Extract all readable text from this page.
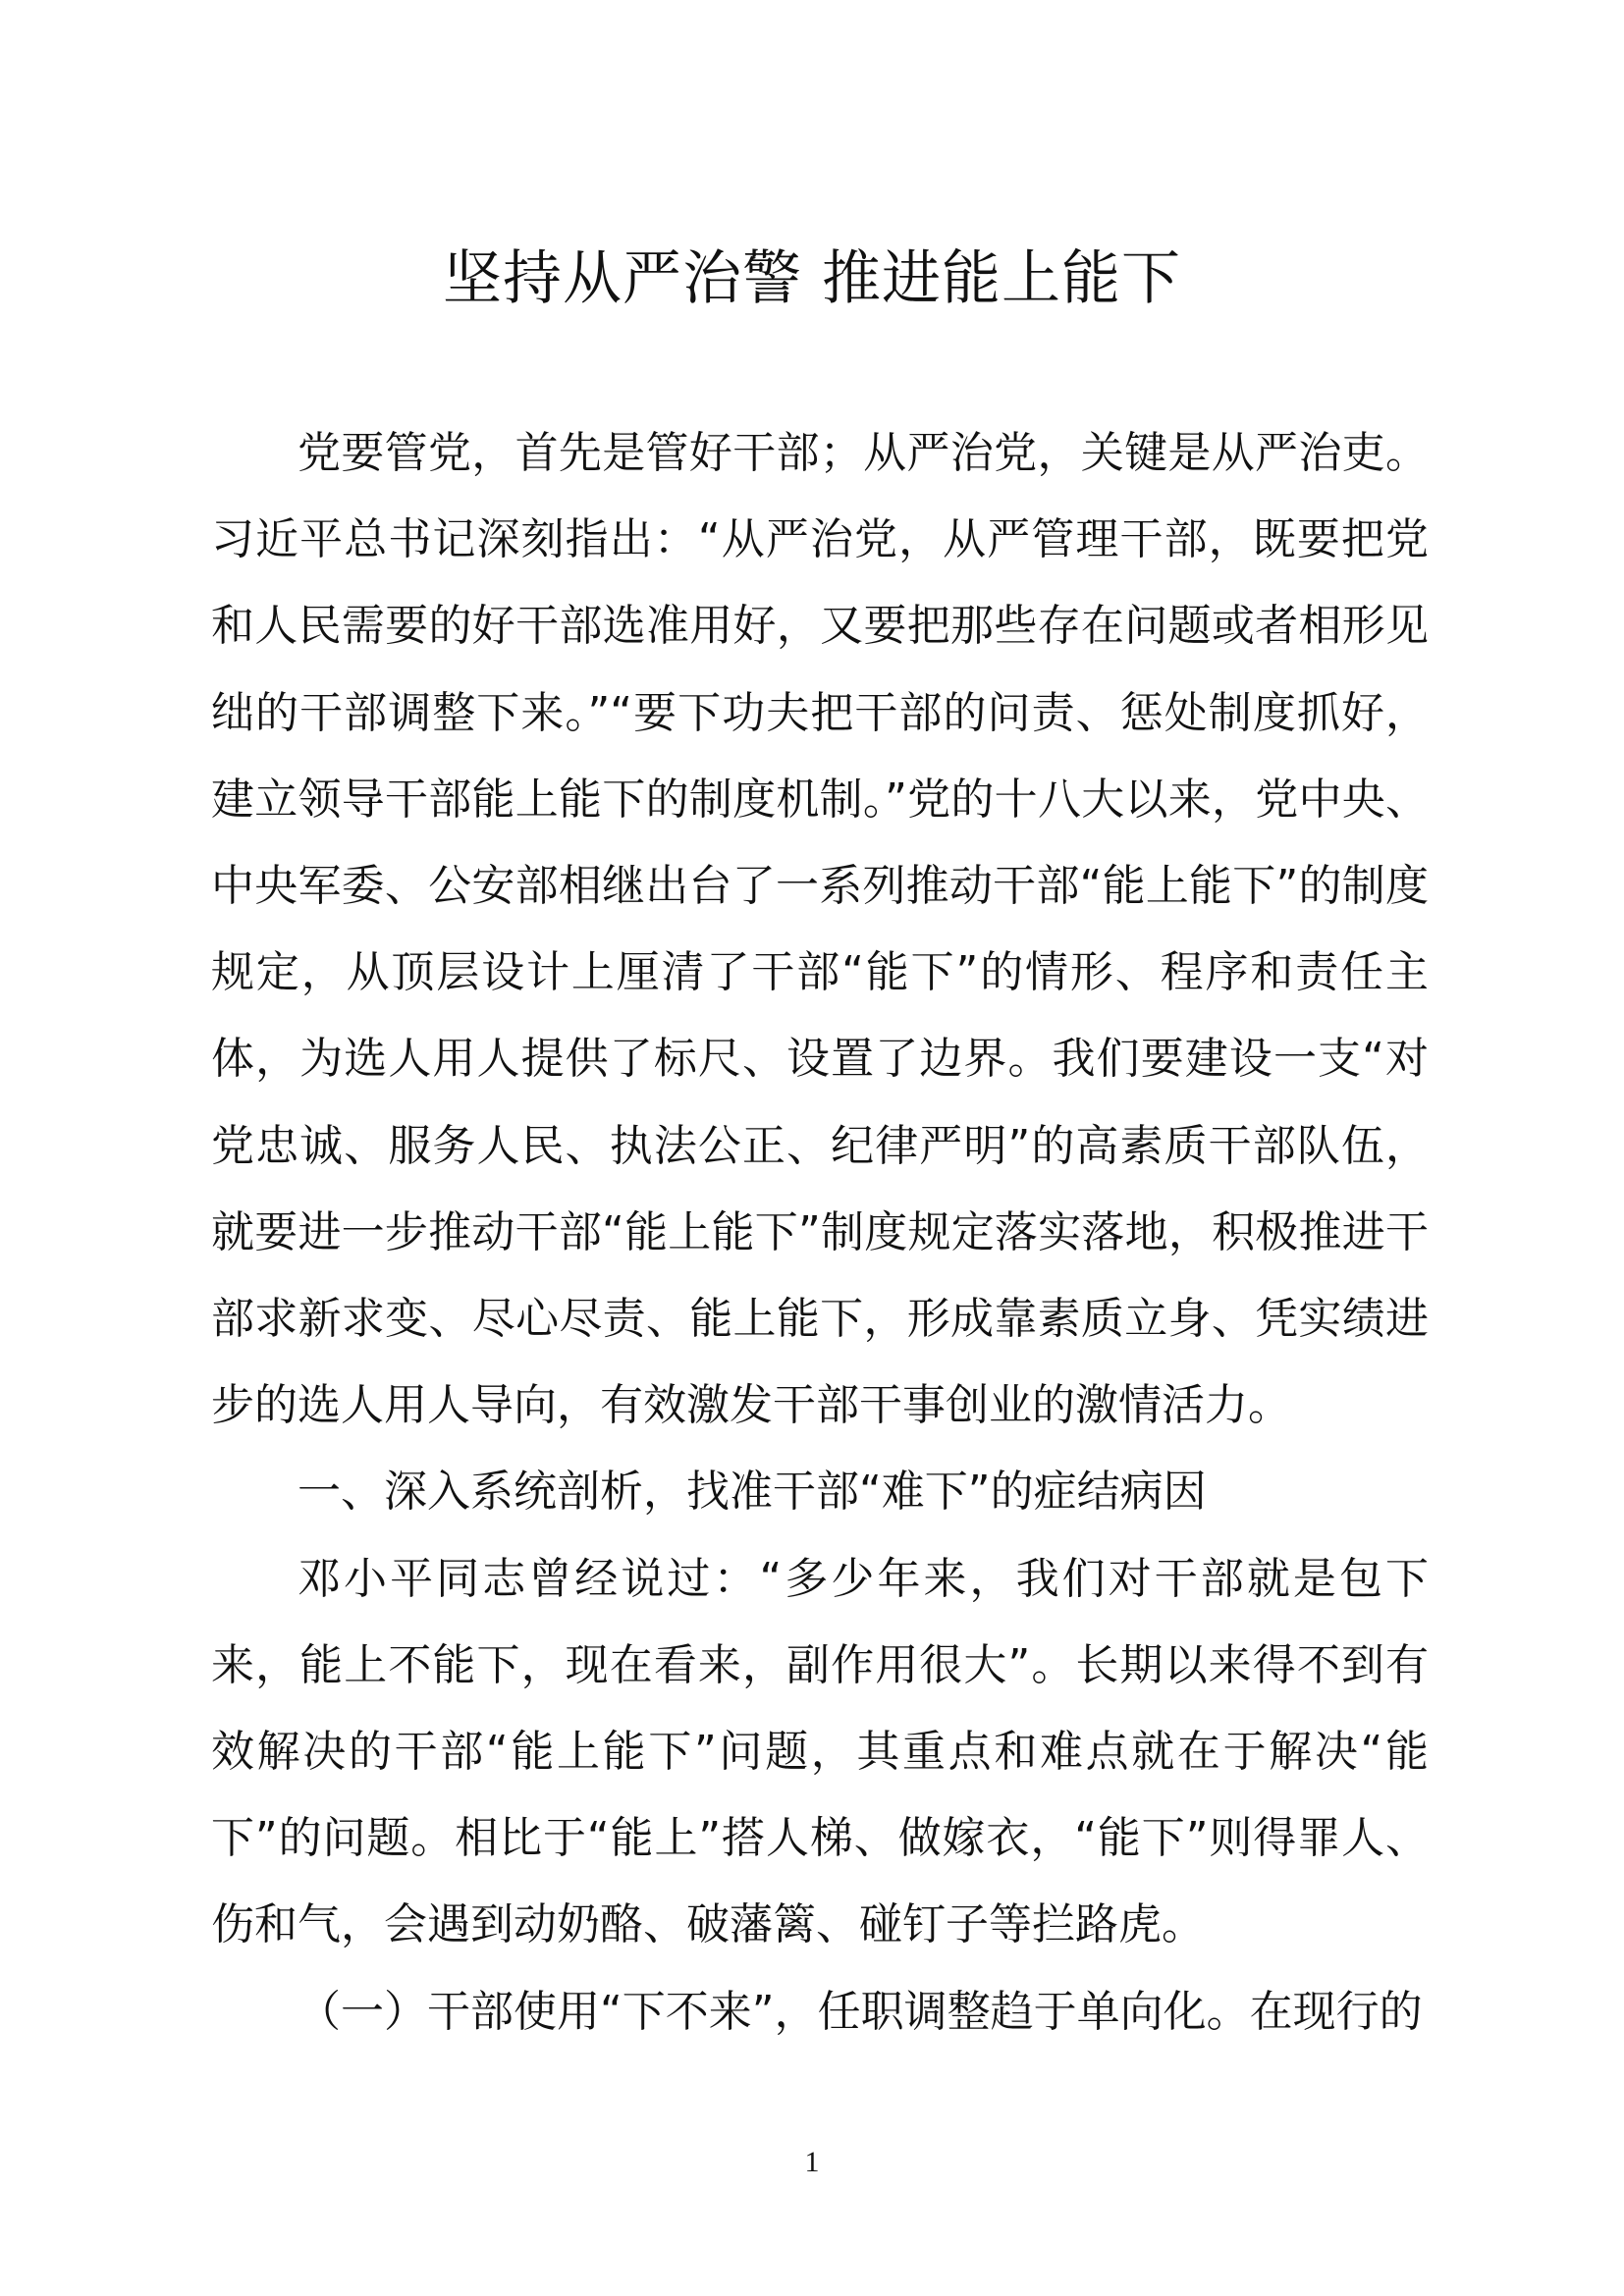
坚持从严治警 推进能上能下

党要管党，首先是管好干部；从严治党，关键是从严治吏。习近平总书记深刻指出：“从严治党，从严管理干部，既要把党和人民需要的好干部选准用好，又要把那些存在问题或者相形见绌的干部调整下来。”“要下功夫把干部的问责、惩处制度抓好，建立领导干部能上能下的制度机制。”党的十八大以来，党中央、中央军委、公安部相继出台了一系列推动干部“能上能下”的制度规定，从顶层设计上厘清了干部“能下”的情形、程序和责任主体，为选人用人提供了标尺、设置了边界。我们要建设一支“对党忠诚、服务人民、执法公正、纪律严明”的高素质干部队伍，就要进一步推动干部“能上能下”制度规定落实落地，积极推进干部求新求变、尽心尽责、能上能下，形成靠素质立身、凭实绩进步的选人用人导向，有效激发干部干事创业的激情活力。

一、深入系统剖析，找准干部“难下”的症结病因

邓小平同志曾经说过：“多少年来，我们对干部就是包下来，能上不能下，现在看来，副作用很大”。长期以来得不到有效解决的干部“能上能下”问题，其重点和难点就在于解决“能下”的问题。相比于“能上”搭人梯、做嫁衣，“能下”则得罪人、伤和气，会遇到动奶酪、破藩篱、碰钉子等拦路虎。

（一）干部使用“下不来”，任职调整趋于单向化。在现行的

1
